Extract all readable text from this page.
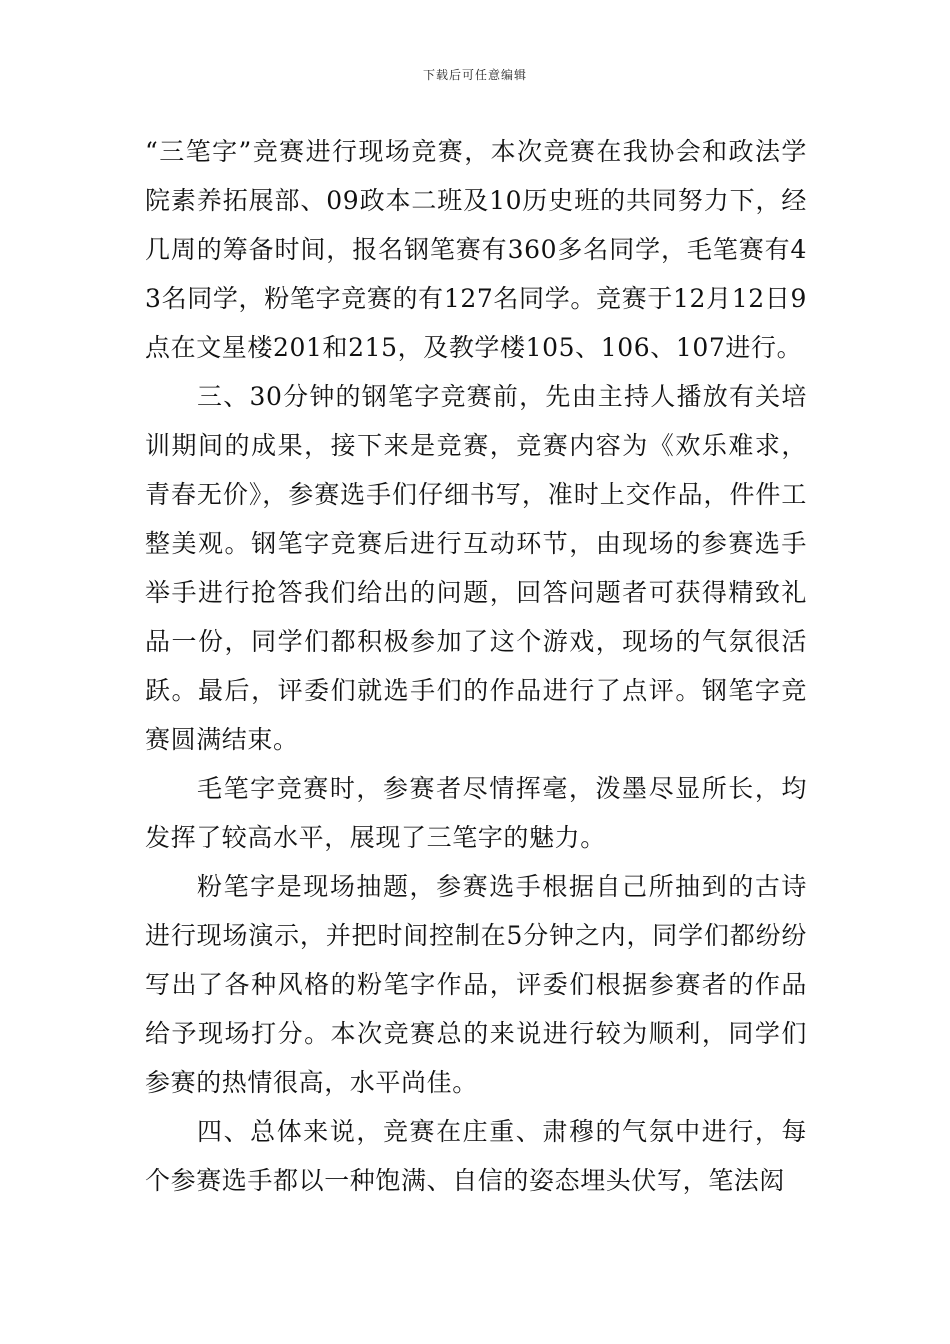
下载后可任意编辑

“三笔字”竞赛进行现场竞赛，本次竞赛在我协会和政法学院素养拓展部、09政本二班及10历史班的共同努力下，经几周的筹备时间，报名钢笔赛有360多名同学，毛笔赛有43名同学，粉笔字竞赛的有127名同学。竞赛于12月12日9点在文星楼201和215，及教学楼105、106、107进行。

三、30分钟的钢笔字竞赛前，先由主持人播放有关培训期间的成果，接下来是竞赛，竞赛内容为《欢乐难求，青春无价》，参赛选手们仔细书写，准时上交作品，件件工整美观。钢笔字竞赛后进行互动环节，由现场的参赛选手举手进行抢答我们给出的问题，回答问题者可获得精致礼品一份，同学们都积极参加了这个游戏，现场的气氛很活跃。最后，评委们就选手们的作品进行了点评。钢笔字竞赛圆满结束。

毛笔字竞赛时，参赛者尽情挥毫，泼墨尽显所长，均发挥了较高水平，展现了三笔字的魅力。

粉笔字是现场抽题，参赛选手根据自己所抽到的古诗进行现场演示，并把时间控制在5分钟之内，同学们都纷纷写出了各种风格的粉笔字作品，评委们根据参赛者的作品给予现场打分。本次竞赛总的来说进行较为顺利，同学们参赛的热情很高，水平尚佳。

四、总体来说，竞赛在庄重、肃穆的气氛中进行，每个参赛选手都以一种饱满、自信的姿态埋头伏写，笔法闳
